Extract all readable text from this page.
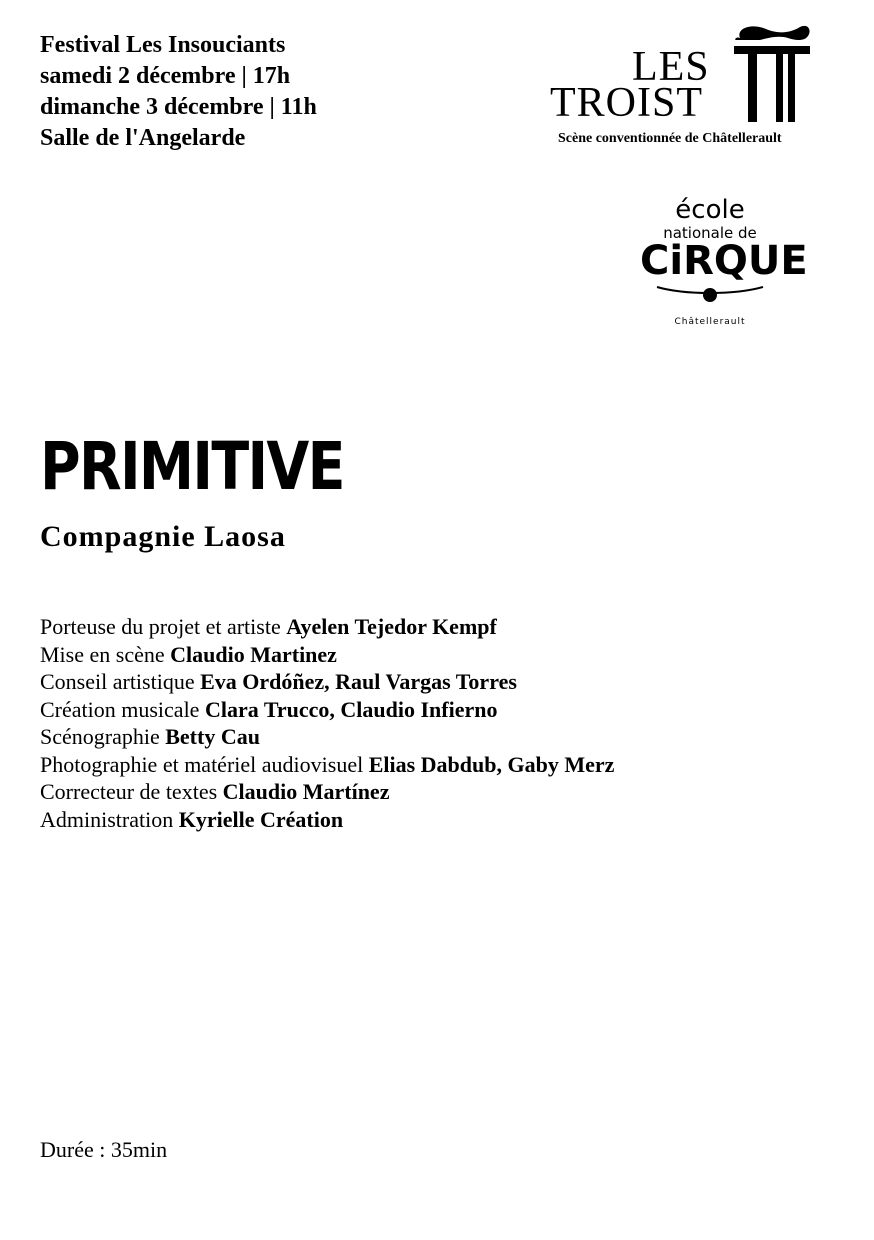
Festival Les Insouciants
samedi 2 décembre | 17h
dimanche 3 décembre | 11h
Salle de l'Angelarde
LES
TROIST
Scène conventionnée de Châtellerault
école
nationale de
CiRQUE
Châtellerault
PRIMITIVE
Compagnie Laosa
Porteuse du projet et artiste Ayelen Tejedor Kempf
Mise en scène Claudio Martinez
Conseil artistique Eva Ordóñez, Raul Vargas Torres
Création musicale Clara Trucco, Claudio Infierno
Scénographie Betty Cau
Photographie et matériel audiovisuel Elias Dabdub, Gaby Merz
Correcteur de textes Claudio Martínez
Administration Kyrielle Création
Durée : 35min
